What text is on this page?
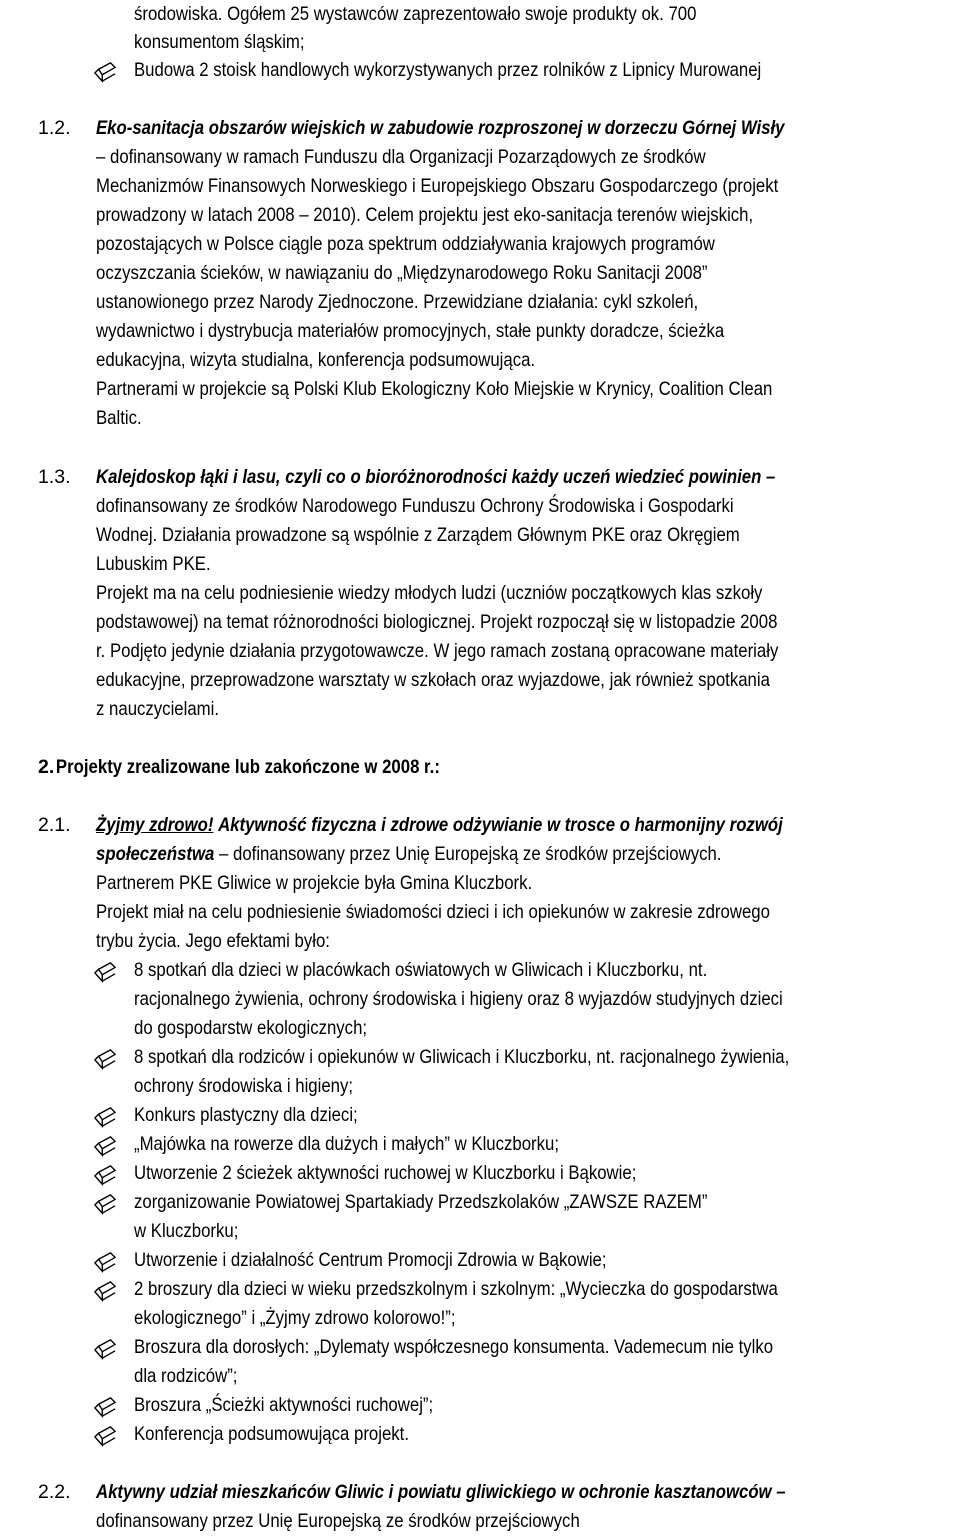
środowiska. Ogółem 25 wystawców zaprezentowało swoje produkty ok. 700
konsumentom śląskim;
Budowa 2 stoisk handlowych wykorzystywanych przez rolników z Lipnicy Murowanej
1.2. Eko-sanitacja obszarów wiejskich w zabudowie rozproszonej w dorzeczu Górnej Wisły
– dofinansowany w ramach Funduszu dla Organizacji Pozarządowych ze środków
Mechanizmów Finansowych Norweskiego i Europejskiego Obszaru Gospodarczego (projekt
prowadzony w latach 2008 – 2010). Celem projektu jest eko-sanitacja terenów wiejskich,
pozostających w Polsce ciągle poza spektrum oddziaływania krajowych programów
oczyszczania ścieków, w nawiązaniu do „Międzynarodowego Roku Sanitacji 2008”
ustanowionego przez Narody Zjednoczone. Przewidziane działania: cykl szkoleń,
wydawnictwo i dystrybucja materiałów promocyjnych, stałe punkty doradcze, ścieżka
edukacyjna, wizyta studialna, konferencja podsumowująca.
Partnerami w projekcie są Polski Klub Ekologiczny Koło Miejskie w Krynicy, Coalition Clean
Baltic.
1.3. Kalejdoskop łąki i lasu, czyli co o bioróżnorodności każdy uczeń wiedzieć powinien –
dofinansowany ze środków Narodowego Funduszu Ochrony Środowiska i Gospodarki
Wodnej. Działania prowadzone są wspólnie z Zarządem Głównym PKE oraz Okręgiem
Lubuskim PKE.
Projekt ma na celu podniesienie wiedzy młodych ludzi (uczniów początkowych klas szkoły
podstawowej) na temat różnorodności biologicznej. Projekt rozpoczął się w listopadzie 2008
r. Podjęto jedynie działania przygotowawcze. W jego ramach zostaną opracowane materiały
edukacyjne, przeprowadzone warsztaty w szkołach oraz wyjazdowe, jak również spotkania
z nauczycielami.
2. Projekty zrealizowane lub zakończone w 2008 r.:
2.1. Żyjmy zdrowo! Aktywność fizyczna i zdrowe odżywianie w trosce o harmonijny rozwój
społeczeństwa – dofinansowany przez Unię Europejską ze środków przejściowych.
Partnerem PKE Gliwice w projekcie była Gmina Kluczbork.
Projekt miał na celu podniesienie świadomości dzieci i ich opiekunów w zakresie zdrowego
trybu życia. Jego efektami było:
8 spotkań dla dzieci w placówkach oświatowych w Gliwicach i Kluczborku, nt.
racjonalnego żywienia, ochrony środowiska i higieny oraz 8 wyjazdów studyjnych dzieci
do gospodarstw ekologicznych;
8 spotkań dla rodziców i opiekunów w Gliwicach i Kluczborku, nt. racjonalnego żywienia,
ochrony środowiska i higieny;
Konkurs plastyczny dla dzieci;
„Majówka na rowerze dla dużych i małych” w Kluczborku;
Utworzenie 2 ścieżek aktywności ruchowej w Kluczborku i Bąkowie;
zorganizowanie Powiatowej Spartakiady Przedszkolaków „ZAWSZE RAZEM”
w Kluczborku;
Utworzenie i działalność Centrum Promocji Zdrowia w Bąkowie;
2 broszury dla dzieci w wieku przedszkolnym i szkolnym: „Wycieczka do gospodarstwa
ekologicznego” i „Żyjmy zdrowo kolorowo!”;
Broszura dla dorosłych: „Dylematy współczesnego konsumenta. Vademecum nie tylko
dla rodziców”;
Broszura „Ścieżki aktywności ruchowej”;
Konferencja podsumowująca projekt.
2.2. Aktywny udział mieszkańców Gliwic i powiatu gliwickiego w ochronie kasztanowców –
dofinansowany przez Unię Europejską ze środków przejściowych
